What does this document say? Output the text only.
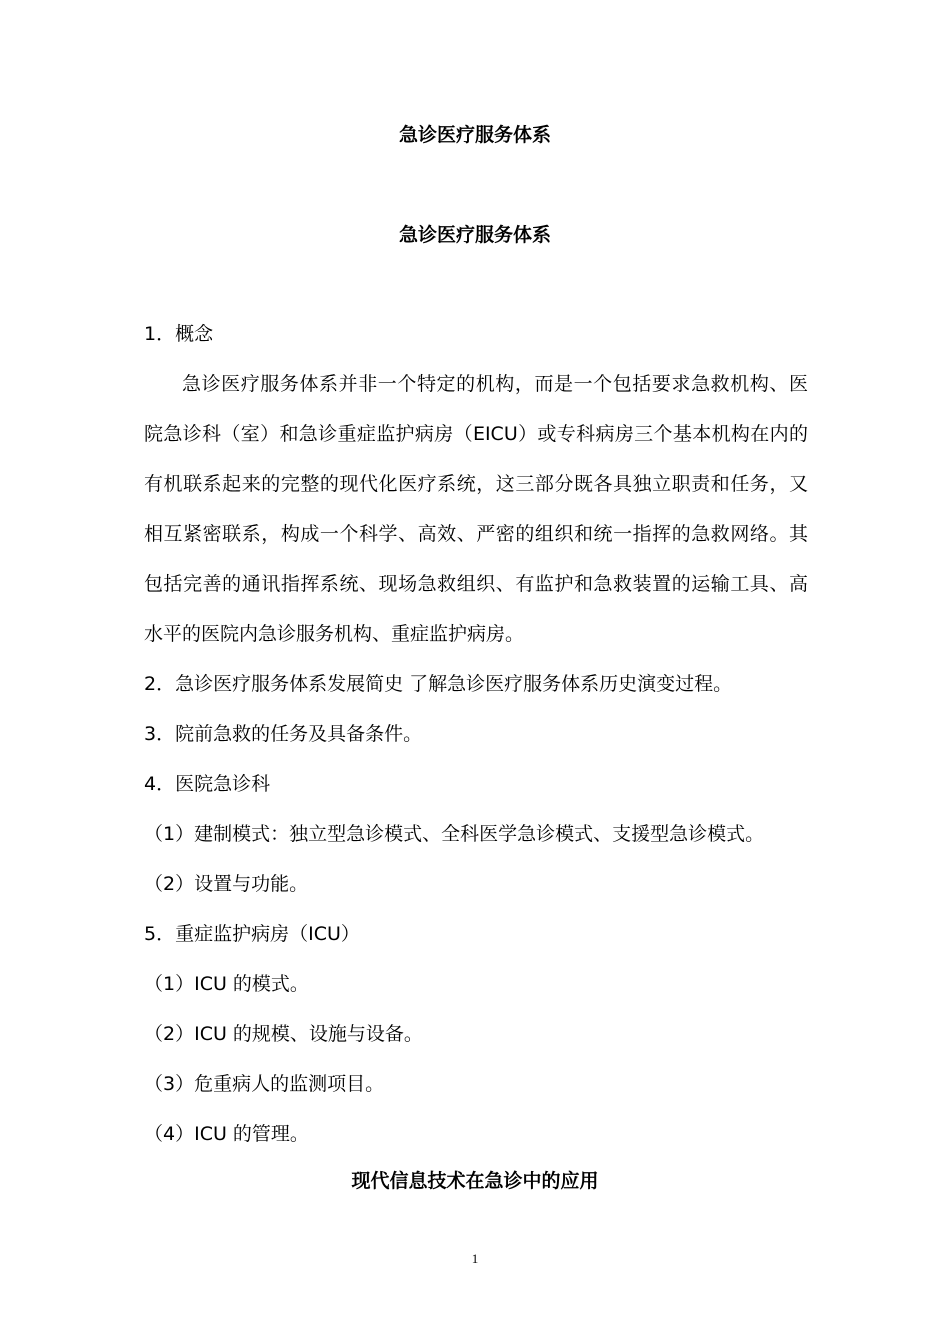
急诊医疗服务体系
急诊医疗服务体系
1．概念
急诊医疗服务体系并非一个特定的机构，而是一个包括要求急救机构、医院急诊科（室）和急诊重症监护病房（EICU）或专科病房三个基本机构在内的有机联系起来的完整的现代化医疗系统，这三部分既各具独立职责和任务，又相互紧密联系，构成一个科学、高效、严密的组织和统一指挥的急救网络。其包括完善的通讯指挥系统、现场急救组织、有监护和急救装置的运输工具、高水平的医院内急诊服务机构、重症监护病房。
2．急诊医疗服务体系发展简史 了解急诊医疗服务体系历史演变过程。
3．院前急救的任务及具备条件。
4．医院急诊科
（1）建制模式：独立型急诊模式、全科医学急诊模式、支援型急诊模式。
（2）设置与功能。
5．重症监护病房（ICU）
（1）ICU 的模式。
（2）ICU 的规模、设施与设备。
（3）危重病人的监测项目。
（4）ICU 的管理。
现代信息技术在急诊中的应用
1
